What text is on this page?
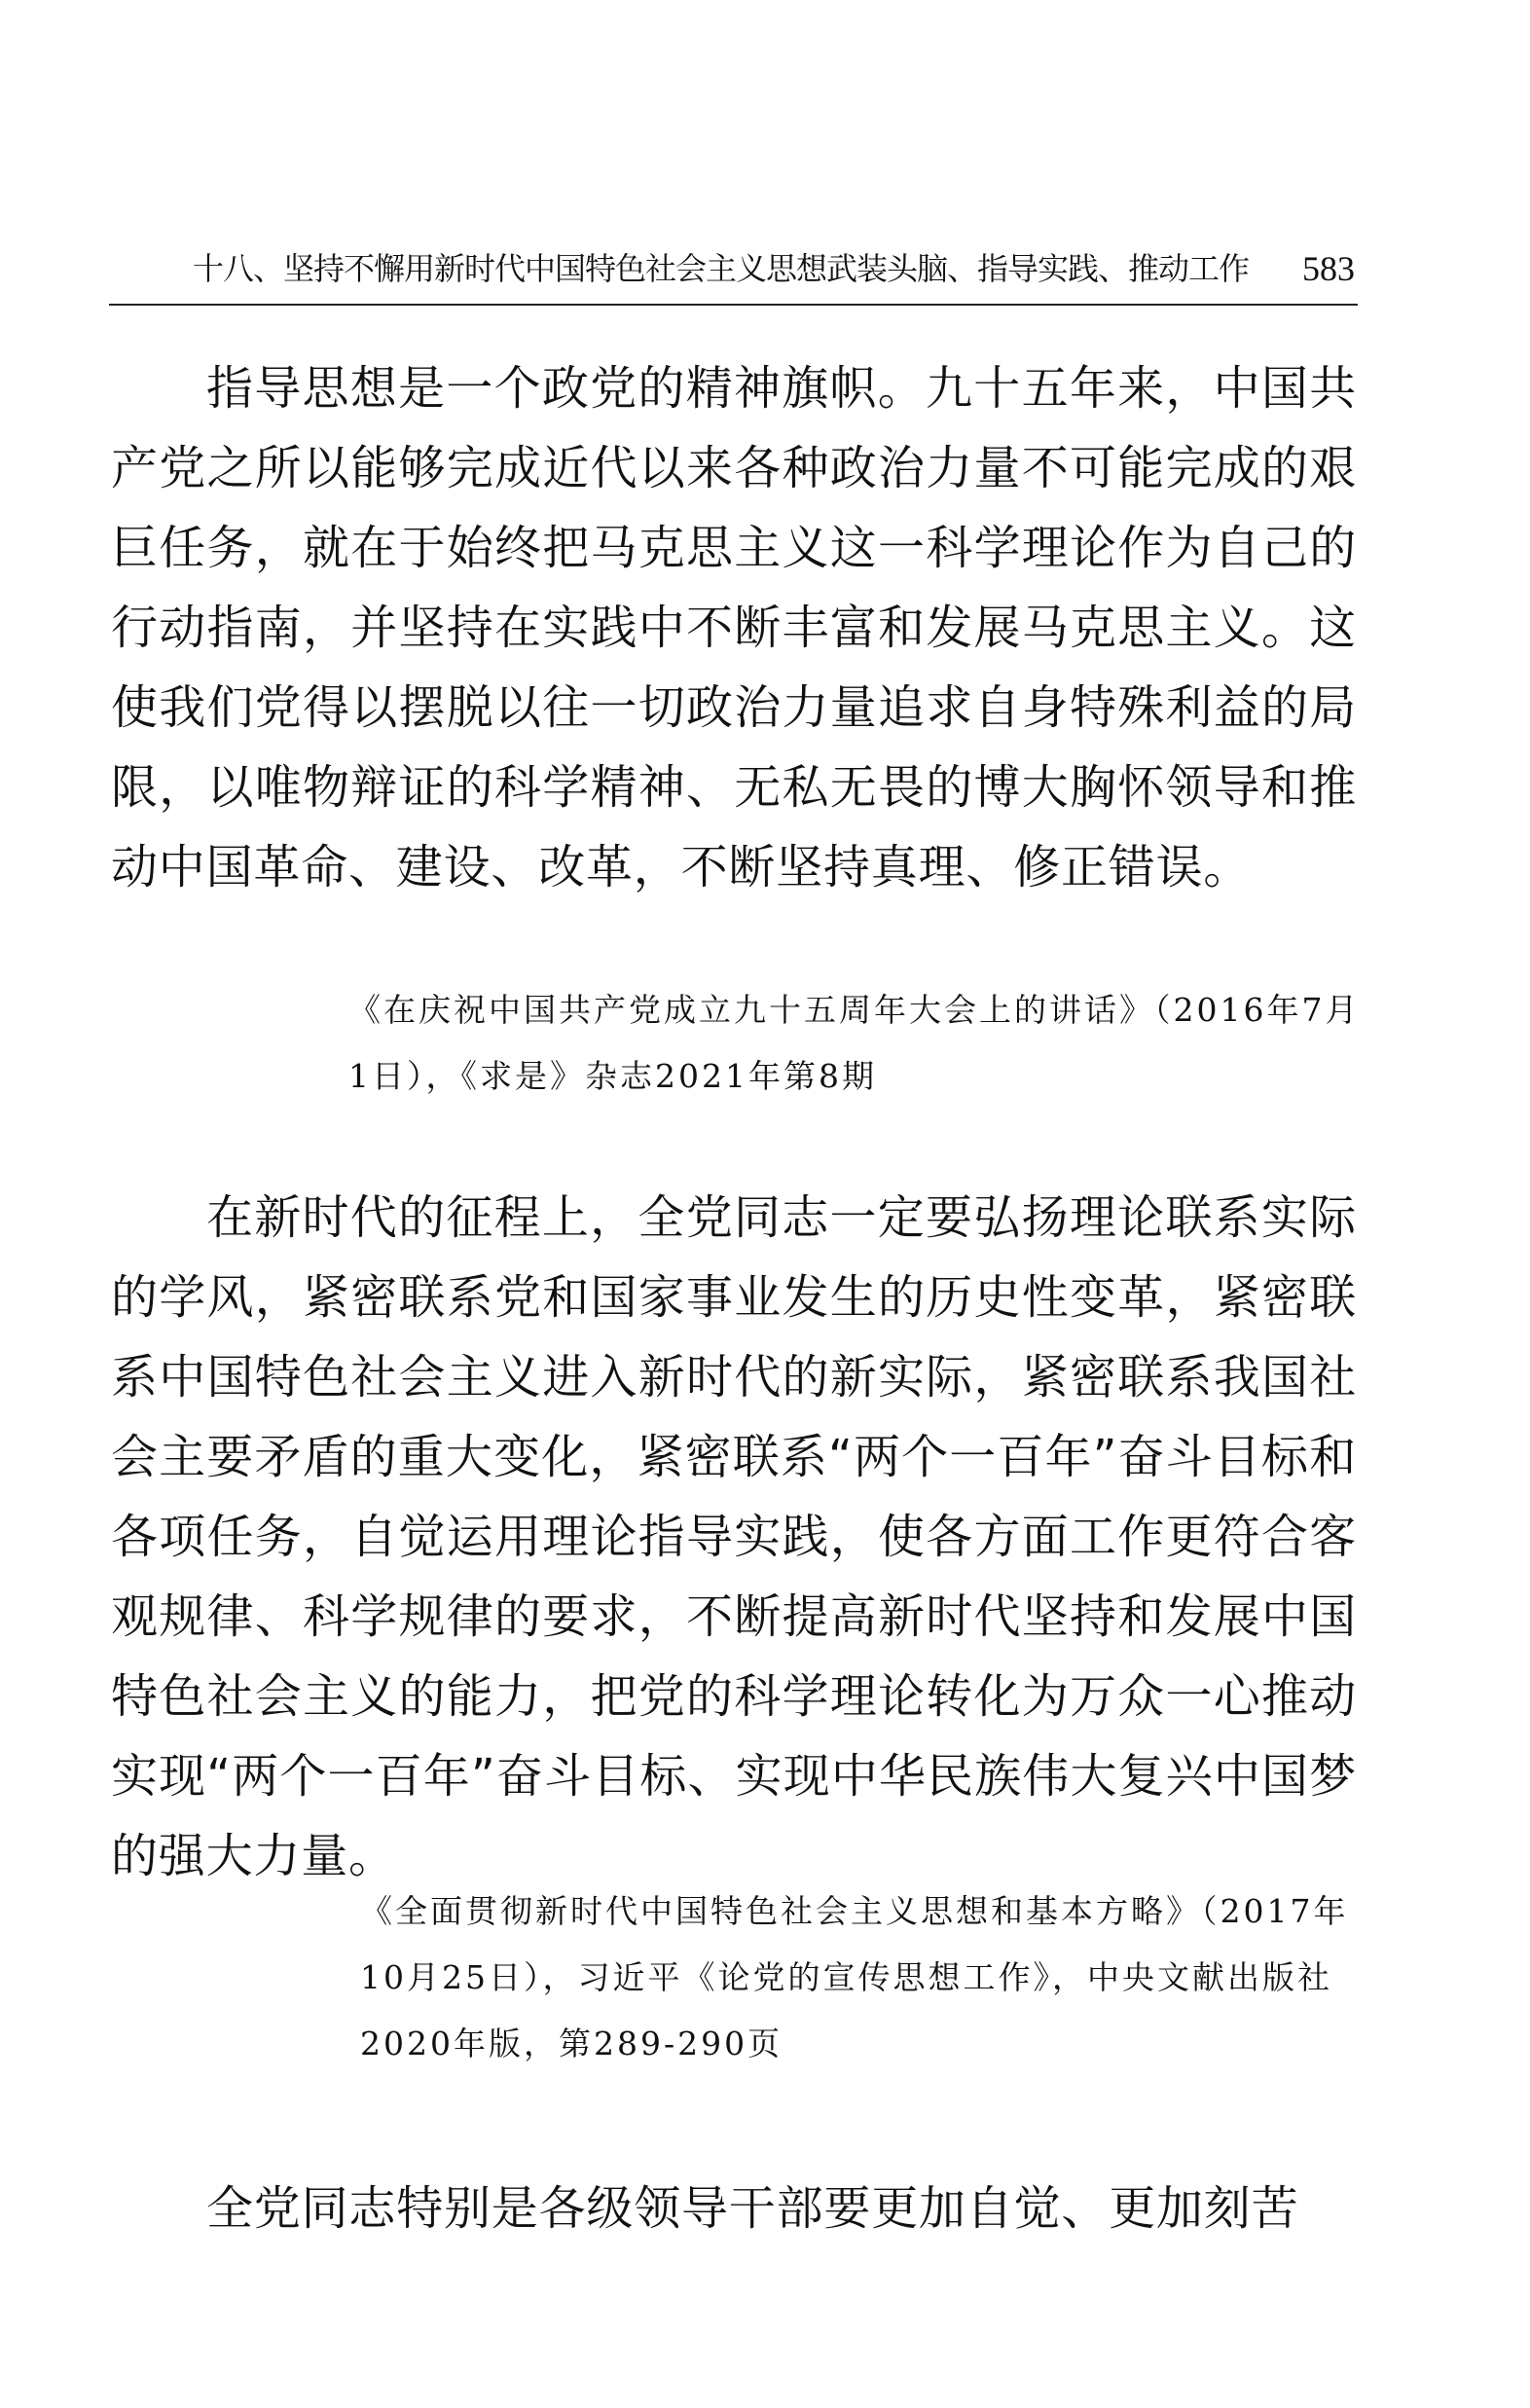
十八、坚持不懈用新时代中国特色社会主义思想武装头脑、指导实践、推动工作 583

指导思想是一个政党的精神旗帜。九十五年来，中国共产党之所以能够完成近代以来各种政治力量不可能完成的艰巨任务，就在于始终把马克思主义这一科学理论作为自己的行动指南，并坚持在实践中不断丰富和发展马克思主义。这使我们党得以摆脱以往一切政治力量追求自身特殊利益的局限，以唯物辩证的科学精神、无私无畏的博大胸怀领导和推动中国革命、建设、改革，不断坚持真理、修正错误。

《在庆祝中国共产党成立九十五周年大会上的讲话》（2016年7月1日），《求是》杂志2021年第8期

在新时代的征程上，全党同志一定要弘扬理论联系实际的学风，紧密联系党和国家事业发生的历史性变革，紧密联系中国特色社会主义进入新时代的新实际，紧密联系我国社会主要矛盾的重大变化，紧密联系“两个一百年”奋斗目标和各项任务，自觉运用理论指导实践，使各方面工作更符合客观规律、科学规律的要求，不断提高新时代坚持和发展中国特色社会主义的能力，把党的科学理论转化为万众一心推动实现“两个一百年”奋斗目标、实现中华民族伟大复兴中国梦的强大力量。

《全面贯彻新时代中国特色社会主义思想和基本方略》（2017年10月25日），习近平《论党的宣传思想工作》，中央文献出版社2020年版，第289-290页

全党同志特别是各级领导干部要更加自觉、更加刻苦
